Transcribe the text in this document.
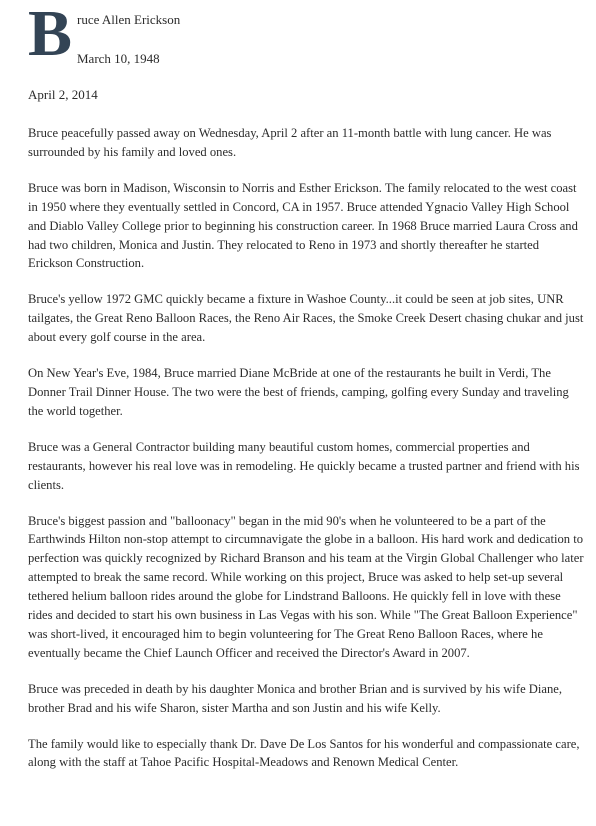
B ruce Allen Erickson
March 10, 1948
April 2, 2014

Bruce peacefully passed away on Wednesday, April 2 after an 11-month battle with lung cancer. He was surrounded by his family and loved ones.

Bruce was born in Madison, Wisconsin to Norris and Esther Erickson. The family relocated to the west coast in 1950 where they eventually settled in Concord, CA in 1957. Bruce attended Ygnacio Valley High School and Diablo Valley College prior to beginning his construction career. In 1968 Bruce married Laura Cross and had two children, Monica and Justin. They relocated to Reno in 1973 and shortly thereafter he started Erickson Construction.

Bruce's yellow 1972 GMC quickly became a fixture in Washoe County...it could be seen at job sites, UNR tailgates, the Great Reno Balloon Races, the Reno Air Races, the Smoke Creek Desert chasing chukar and just about every golf course in the area.

On New Year's Eve, 1984, Bruce married Diane McBride at one of the restaurants he built in Verdi, The Donner Trail Dinner House. The two were the best of friends, camping, golfing every Sunday and traveling the world together.

Bruce was a General Contractor building many beautiful custom homes, commercial properties and restaurants, however his real love was in remodeling. He quickly became a trusted partner and friend with his clients.

Bruce's biggest passion and "balloonacy" began in the mid 90's when he volunteered to be a part of the Earthwinds Hilton non-stop attempt to circumnavigate the globe in a balloon. His hard work and dedication to perfection was quickly recognized by Richard Branson and his team at the Virgin Global Challenger who later attempted to break the same record. While working on this project, Bruce was asked to help set-up several tethered helium balloon rides around the globe for Lindstrand Balloons. He quickly fell in love with these rides and decided to start his own business in Las Vegas with his son. While "The Great Balloon Experience" was short-lived, it encouraged him to begin volunteering for The Great Reno Balloon Races, where he eventually became the Chief Launch Officer and received the Director's Award in 2007.

Bruce was preceded in death by his daughter Monica and brother Brian and is survived by his wife Diane, brother Brad and his wife Sharon, sister Martha and son Justin and his wife Kelly.

The family would like to especially thank Dr. Dave De Los Santos for his wonderful and compassionate care, along with the staff at Tahoe Pacific Hospital-Meadows and Renown Medical Center.
